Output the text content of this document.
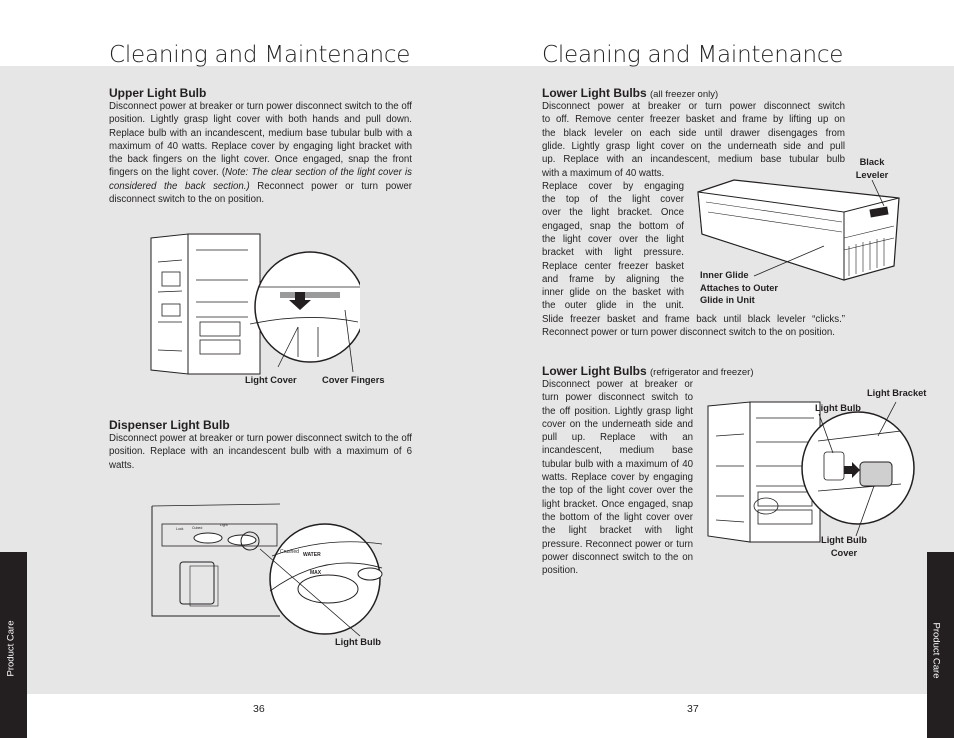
Cleaning and Maintenance
Upper Light Bulb
Disconnect power at breaker or turn power disconnect switch to the off position. Lightly grasp light cover with both hands and pull down. Replace bulb with an incandescent, medium base tubular bulb with a maximum of 40 watts. Replace cover by engaging light bracket with the back fingers on the light cover. Once engaged, snap the front fingers on the light cover. (Note: The clear section of the light cover is considered the back section.) Reconnect power or turn power disconnect switch to the on position.
Light Cover	Cover Fingers
Dispenser Light Bulb
Disconnect power at breaker or turn power disconnect switch to the off position. Replace with an incandescent bulb with a maximum of 6 watts.
Crushed WATER
MAX
Light
Lock Cubed
Light Bulb
Product Care
36
Cleaning and Maintenance
Lower Light Bulbs (all freezer only)
Disconnect power at breaker or turn power disconnect switch
to off. Remove center freezer basket and frame by lifting up on
the black leveler on each side until drawer disengages from
glide. Lightly grasp light cover on the underneath side and pull
up. Replace with an incandescent, medium base tubular bulb
with a maximum of 40 watts.
Replace cover by engaging
the top of the light cover
over the light bracket. Once
engaged, snap the bottom of
the light cover over the light
bracket with light pressure.
Replace center freezer basket
and frame by aligning the
inner glide on the basket with
the outer glide in the unit.
Slide freezer basket and frame back until black leveler “clicks.” Reconnect power or turn power disconnect switch to the on position.
Black
Leveler
Inner Glide
Attaches to Outer
Glide in Unit
Lower Light Bulbs (refrigerator and freezer)
Disconnect power at breaker or turn power disconnect switch to the off position. Lightly grasp light cover on the underneath side and pull up. Replace with an incandescent, medium base tubular bulb with a maximum of 40 watts. Replace cover by engaging the top of the light cover over the light bracket. Once engaged, snap the bottom of the light cover over the light bracket with light pressure. Reconnect power or turn power disconnect switch to the on position.
Light Bracket
Light Bulb
Light Bulb
Cover
Product Care
37
